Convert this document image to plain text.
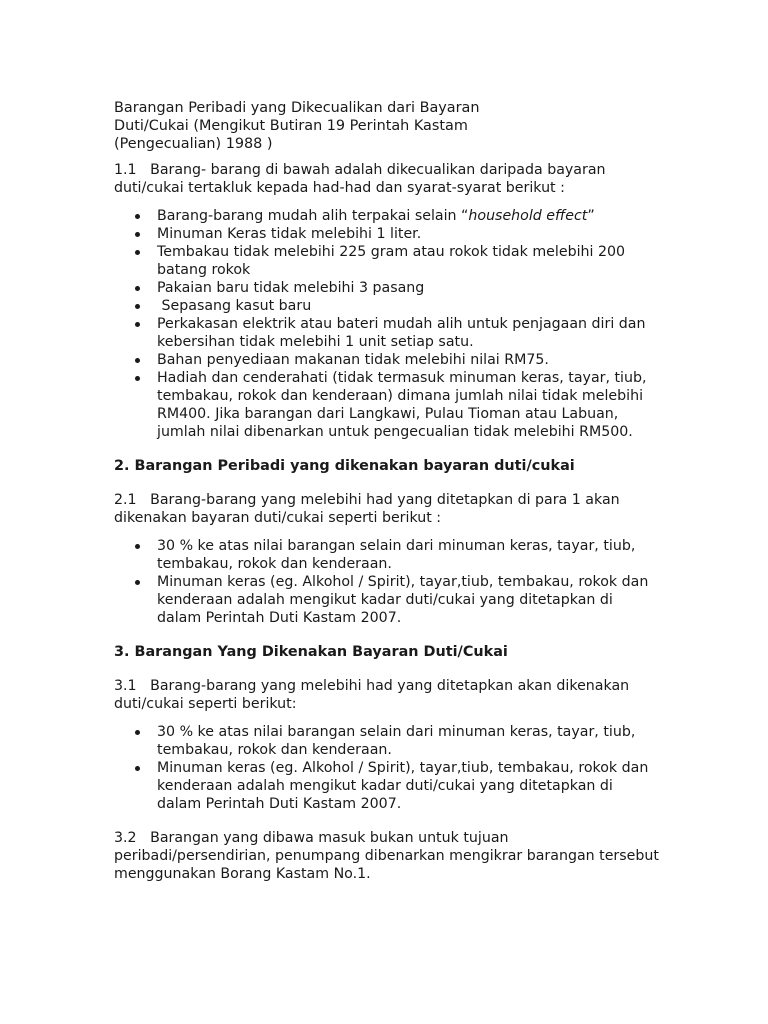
Barangan Peribadi yang Dikecualikan dari Bayaran
Duti/Cukai (Mengikut Butiran 19 Perintah Kastam
(Pengecualian) 1988 )

1.1   Barang- barang di bawah adalah dikecualikan daripada bayaran duti/cukai tertakluk kepada had-had dan syarat-syarat berikut :

Barang-barang mudah alih terpakai selain “household effect”
Minuman Keras tidak melebihi 1 liter.
Tembakau tidak melebihi 225 gram atau rokok tidak melebihi 200      batang rokok
Pakaian baru tidak melebihi 3 pasang
Sepasang kasut baru
Perkakasan elektrik atau bateri mudah alih untuk penjagaan diri dan kebersihan tidak melebihi 1 unit setiap satu.
Bahan penyediaan makanan tidak melebihi nilai RM75.
Hadiah dan cenderahati (tidak termasuk minuman keras, tayar, tiub, tembakau, rokok dan kenderaan) dimana jumlah nilai tidak melebihi RM400. Jika barangan dari Langkawi, Pulau Tioman atau Labuan, jumlah nilai dibenarkan untuk pengecualian tidak melebihi RM500.
2. Barangan Peribadi yang dikenakan bayaran duti/cukai

2.1   Barang-barang yang melebihi had yang ditetapkan di para 1 akan dikenakan bayaran duti/cukai seperti berikut :

30 % ke atas nilai barangan selain dari minuman keras, tayar, tiub,  tembakau, rokok dan kenderaan.
Minuman keras (eg. Alkohol / Spirit), tayar,tiub, tembakau, rokok dan kenderaan adalah mengikut kadar duti/cukai yang ditetapkan di dalam Perintah Duti Kastam 2007.
3. Barangan Yang Dikenakan Bayaran Duti/Cukai

3.1   Barang-barang yang melebihi had yang ditetapkan akan dikenakan duti/cukai seperti berikut:

30 % ke atas nilai barangan selain dari minuman keras, tayar, tiub, tembakau, rokok dan kenderaan.
Minuman keras (eg. Alkohol / Spirit), tayar,tiub, tembakau, rokok dan kenderaan adalah mengikut kadar duti/cukai yang ditetapkan di dalam Perintah Duti Kastam 2007.

3.2   Barangan yang dibawa masuk bukan untuk tujuan peribadi/persendirian, penumpang dibenarkan mengikrar barangan tersebut menggunakan Borang Kastam No.1.
